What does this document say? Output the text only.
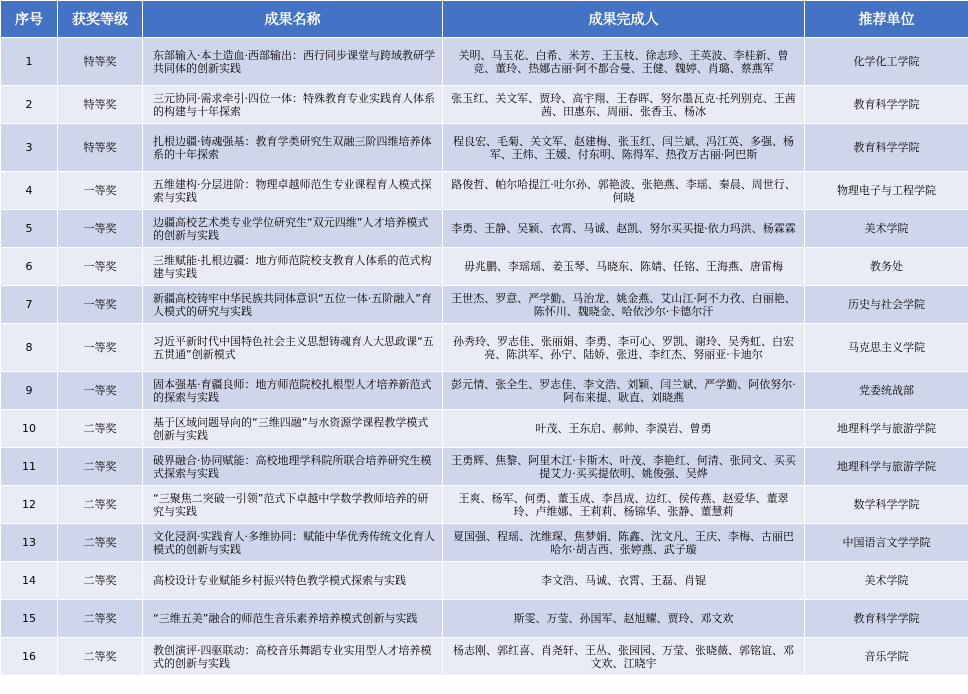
序号	获奖等级	成果名称	成果完成人	推荐单位
1	特等奖	东部输入·本土造血·西部输出：西行同步课堂与跨域教研学共同体的创新实践	关明、马玉花、白希、米芳、王玉枝、徐志珍、王英波、李桂新、曾竞、董玲、热娜古丽·阿不都合曼、王健、魏婷、肖璐、蔡燕军	化学化工学院
2	特等奖	三元协同·需求牵引·四位一体：特殊教育专业实践育人体系的构建与十年探索	张玉红、关文军、贾玲、高宇翔、王春晖、努尔墨瓦克·托列别克、王茜茜、田惠东、周丽、张香玉、杨冰	教育科学学院
3	特等奖	扎根边疆·铸魂强基：教育学类研究生双融三阶四维培养体系的十年探索	程良宏、毛菊、关文军、赵建梅、张玉红、闫兰斌、冯江英、多强、杨军、王炜、王媛、付东明、陈得军、热孜万古丽·阿巴斯	教育科学学院
4	一等奖	五维建构·分层进阶：物理卓越师范生专业课程育人模式探索与实践	路俊哲、帕尔哈提江·吐尔孙、郭艳波、张艳燕、李瑶、秦晨、周世行、何晓	物理电子与工程学院
5	一等奖	边疆高校艺术类专业学位研究生“双元四维”人才培养模式的创新与实践	李勇、王静、吴颖、衣霄、马诚、赵凯、努尔买买提·依力玛洪、杨霖霖	美术学院
6	一等奖	三维赋能·扎根边疆：地方师范院校支教育人体系的范式构建与实践	毋兆鹏、李瑶瑶、姜玉琴、马晓东、陈婧、任铭、王海燕、唐雷梅	教务处
7	一等奖	新疆高校铸牢中华民族共同体意识“五位一体·五阶融入”育人模式的研究与实践	王世杰、罗意、严学勤、马治龙、姚金燕、艾山江·阿不力孜、白丽艳、陈怀川、魏晓金、哈依沙尔·卡德尔汗	历史与社会学院
8	一等奖	习近平新时代中国特色社会主义思想铸魂育人大思政课“五五贯通”创新模式	孙秀玲、罗志佳、张丽娟、李勇、李可心、罗凯、谢玲、吴秀虹、白宏亮、陈洪军、孙宁、陆娇、张进、李红杰、努丽亚·卡迪尔	马克思主义学院
9	一等奖	固本强基·育疆良师：地方师范院校扎根型人才培养新范式的探索与实践	彭元情、张全生、罗志佳、李文浩、刘颖、闫兰斌、严学勤、阿依努尔·阿布来提、耿直、刘晓燕	党委统战部
10	二等奖	基于区域问题导向的“三维四融”与水资源学课程教学模式创新与实践	叶茂、王东启、郝帅、李漠岩、曾勇	地理科学与旅游学院
11	二等奖	破界融合·协同赋能：高校地理学科院所联合培养研究生模式探索与实践	王勇辉、焦黎、阿里木江·卡斯木、叶茂、李艳红、何清、张同文、买买提艾力·买买提依明、姚俊强、吴烨	地理科学与旅游学院
12	二等奖	“三聚焦二突破一引领”范式下卓越中学数学教师培养的研究与实践	王爽、杨军、何勇、董玉成、李昌成、边红、侯传燕、赵爱华、董翠玲、卢维娜、王莉莉、杨锦华、张静、董慧莉	数学科学学院
13	二等奖	文化浸润·实践育人·多维协同：赋能中华优秀传统文化育人模式的创新与实践	夏国强、程瑶、沈维琛、焦梦娟、陈鑫、沈文凡、王庆、李梅、古丽巴哈尔·胡吉西、张婷燕、武子璇	中国语言文学学院
14	二等奖	高校设计专业赋能乡村振兴特色教学模式探索与实践	李文浩、马诚、衣霄、王磊、肖锟	美术学院
15	二等奖	“三维五美”融合的师范生音乐素养培养模式创新与实践	斯雯、万莹、孙国军、赵旭耀、贾玲、邓文欢	教育科学学院
16	二等奖	教创演评·四驱联动：高校音乐舞蹈专业实用型人才培养模式的创新与实践	杨志刚、郭红喜、肖尧轩、王丛、张园园、万莹、张晓薇、郭铭谊、邓文欢、江晓宇	音乐学院
